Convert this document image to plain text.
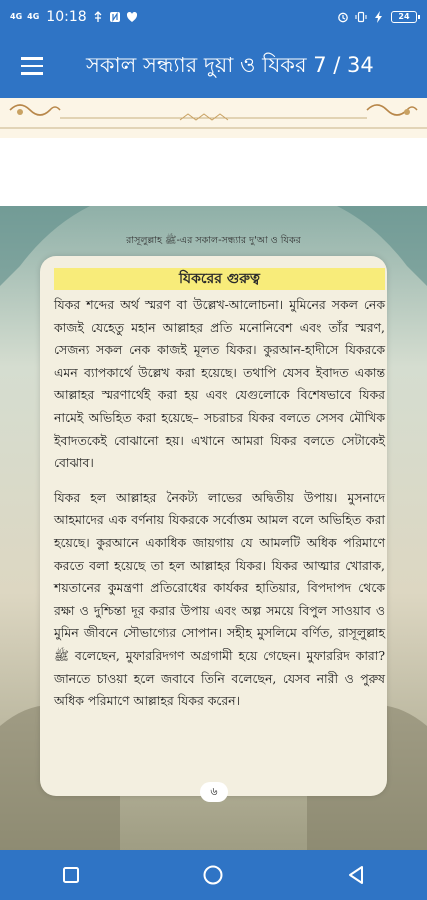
4G 4G 10:18	24
সকাল সন্ধ্যার দুয়া ও যিকর 7 / 34
রাসূলুল্লাহ ﷺ-এর সকাল-সন্ধ্যার দু'আ ও যিকর
যিকরের গুরুত্ব

যিকর শব্দের অর্থ স্মরণ বা উল্লেখ-আলোচনা। মুমিনের সকল নেক কাজই যেহেতু মহান আল্লাহর প্রতি মনোনিবেশ এবং তাঁর স্মরণ, সেজন্য সকল নেক কাজই মূলত যিকর। কুরআন-হাদীসে যিকরকে এমন ব্যাপকার্থে উল্লেখ করা হয়েছে। তথাপি যেসব ইবাদত একান্ত আল্লাহর স্মরণার্থেই করা হয় এবং যেগুলোকে বিশেষভাবে যিকর নামেই অভিহিত করা হয়েছে– সচরাচর যিকর বলতে সেসব মৌখিক ইবাদতকেই বোঝানো হয়। এখানে আমরা যিকর বলতে সেটাকেই বোঝাব।

যিকর হল আল্লাহর নৈকট্য লাভের অদ্বিতীয় উপায়। মুসনাদে আহমাদের এক বর্ণনায় যিকরকে সর্বোত্তম আমল বলে অভিহিত করা হয়েছে। কুরআনে একাধিক জায়গায় যে আমলটি অধিক পরিমাণে করতে বলা হয়েছে তা হল আল্লাহর যিকর। যিকর আত্মার খোরাক, শয়তানের কুমন্ত্রণা প্রতিরোধের কার্যকর হাতিয়ার, বিপদাপদ থেকে রক্ষা ও দুশ্চিন্তা দূর করার উপায় এবং অল্প সময়ে বিপুল সাওয়াব ও মুমিন জীবনে সৌভাগ্যের সোপান। সহীহ মুসলিমে বর্ণিত, রাসূলুল্লাহ ﷺ বলেছেন, মুফাররিদগণ অগ্রগামী হয়ে গেছেন। মুফাররিদ কারা? জানতে চাওয়া হলে জবাবে তিনি বলেছেন, যেসব নারী ও পুরুষ অধিক পরিমাণে আল্লাহর যিকর করেন।

৬
